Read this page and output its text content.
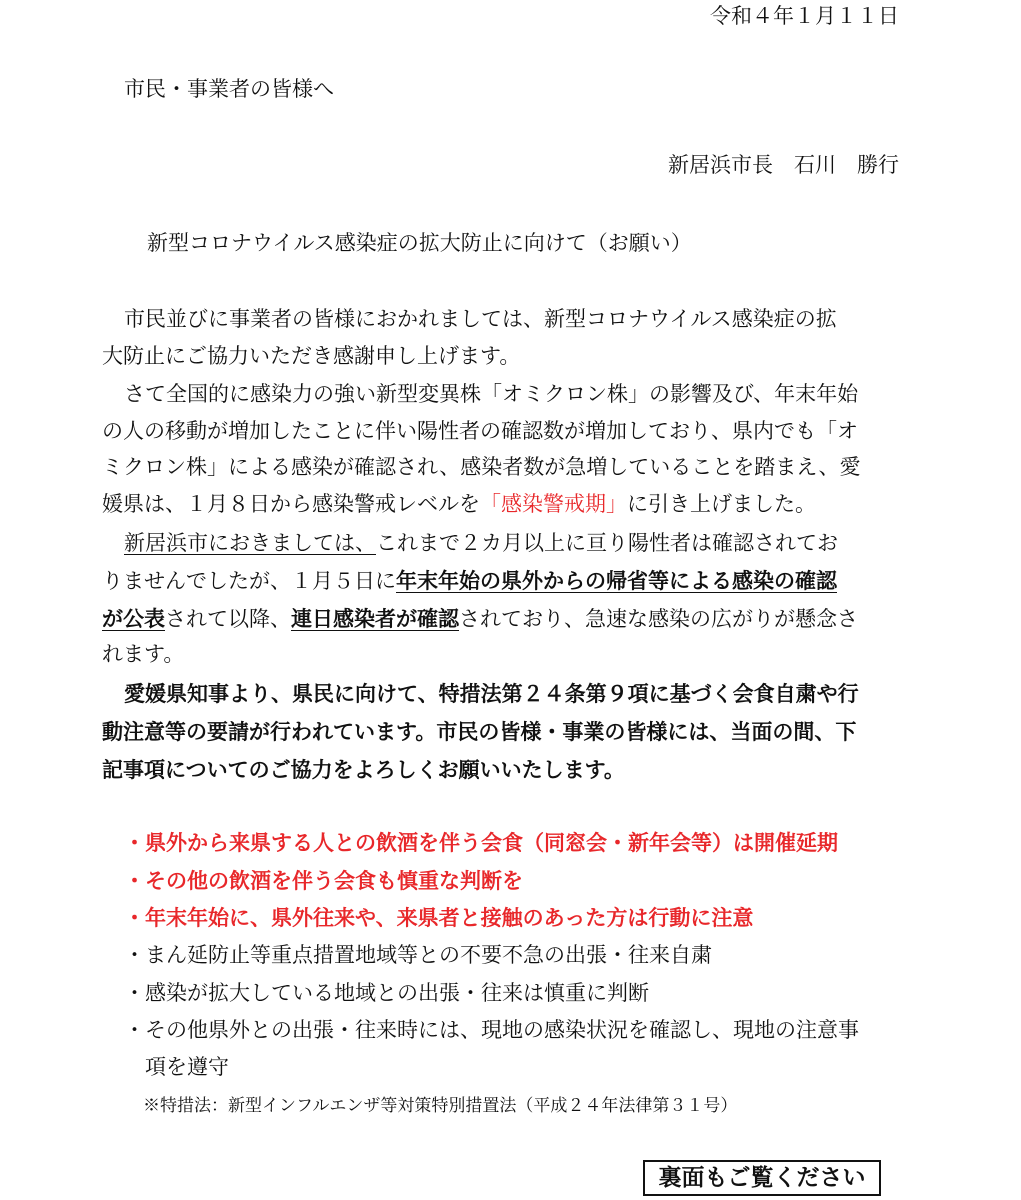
令和４年１月１１日
市民・事業者の皆様へ
新居浜市長　石川　勝行
新型コロナウイルス感染症の拡大防止に向けて（お願い）
市民並びに事業者の皆様におかれましては、新型コロナウイルス感染症の拡
大防止にご協力いただき感謝申し上げます。
さて全国的に感染力の強い新型変異株「オミクロン株」の影響及び、年末年始
の人の移動が増加したことに伴い陽性者の確認数が増加しており、県内でも「オ
ミクロン株」による感染が確認され、感染者数が急増していることを踏まえ、愛
媛県は、１月８日から感染警戒レベルを「感染警戒期」に引き上げました。
新居浜市におきましては、これまで２カ月以上に亘り陽性者は確認されてお
りませんでしたが、１月５日に年末年始の県外からの帰省等による感染の確認
が公表されて以降、連日感染者が確認されており、急速な感染の広がりが懸念さ
れます。
愛媛県知事より、県民に向けて、特措法第２４条第９項に基づく会食自粛や行
動注意等の要請が行われています。市民の皆様・事業の皆様には、当面の間、下
記事項についてのご協力をよろしくお願いいたします。
・県外から来県する人との飲酒を伴う会食（同窓会・新年会等）は開催延期
・その他の飲酒を伴う会食も慎重な判断を
・年末年始に、県外往来や、来県者と接触のあった方は行動に注意
・まん延防止等重点措置地域等との不要不急の出張・往来自粛
・感染が拡大している地域との出張・往来は慎重に判断
・その他県外との出張・往来時には、現地の感染状況を確認し、現地の注意事
項を遵守
※特措法：新型インフルエンザ等対策特別措置法（平成２４年法律第３１号）
裏面もご覧ください
